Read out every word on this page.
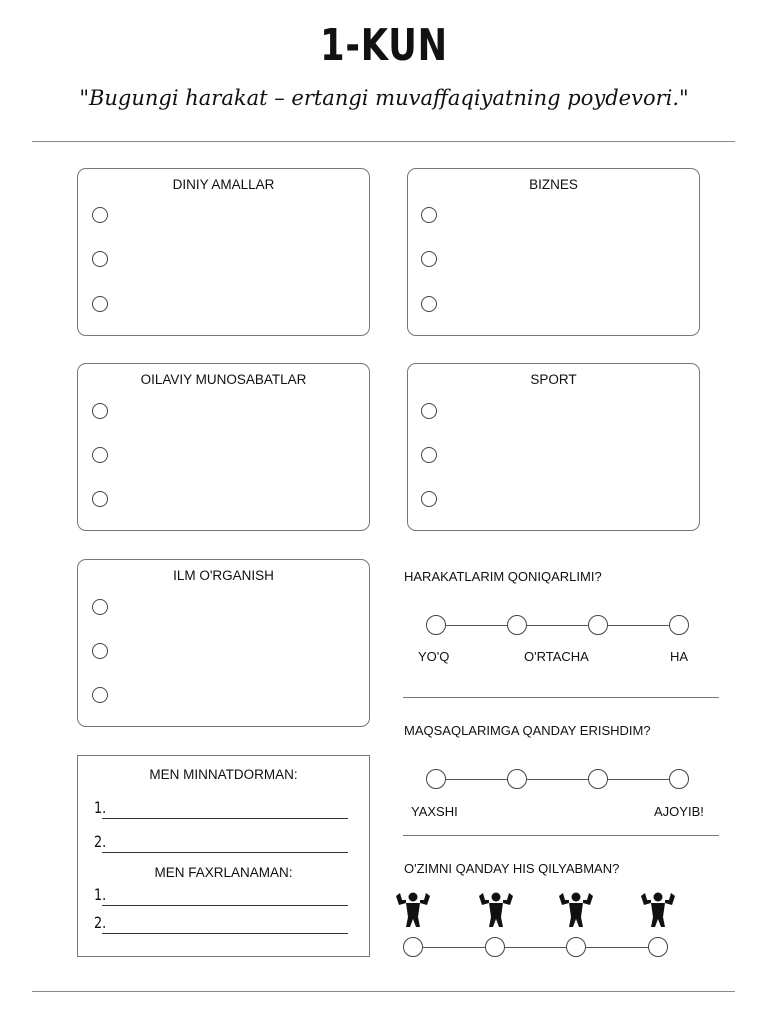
1-KUN
"Bugungi harakat – ertangi muvaffaqiyatning poydevori."
DINIY AMALLAR	BIZNES
OILAVIY MUNOSABATLAR	SPORT
ILM O'RGANISH	HARAKATLARIM QONIQARLIMI?
YO'Q	O'RTACHA	HA
MAQSAQLARIMGA QANDAY ERISHDIM?
YAXSHI	AJOYIB!
O'ZIMNI QANDAY HIS QILYABMAN?
MEN MINNATDORMAN:
1.
2.
MEN FAXRLANAMAN:
1.
2.
